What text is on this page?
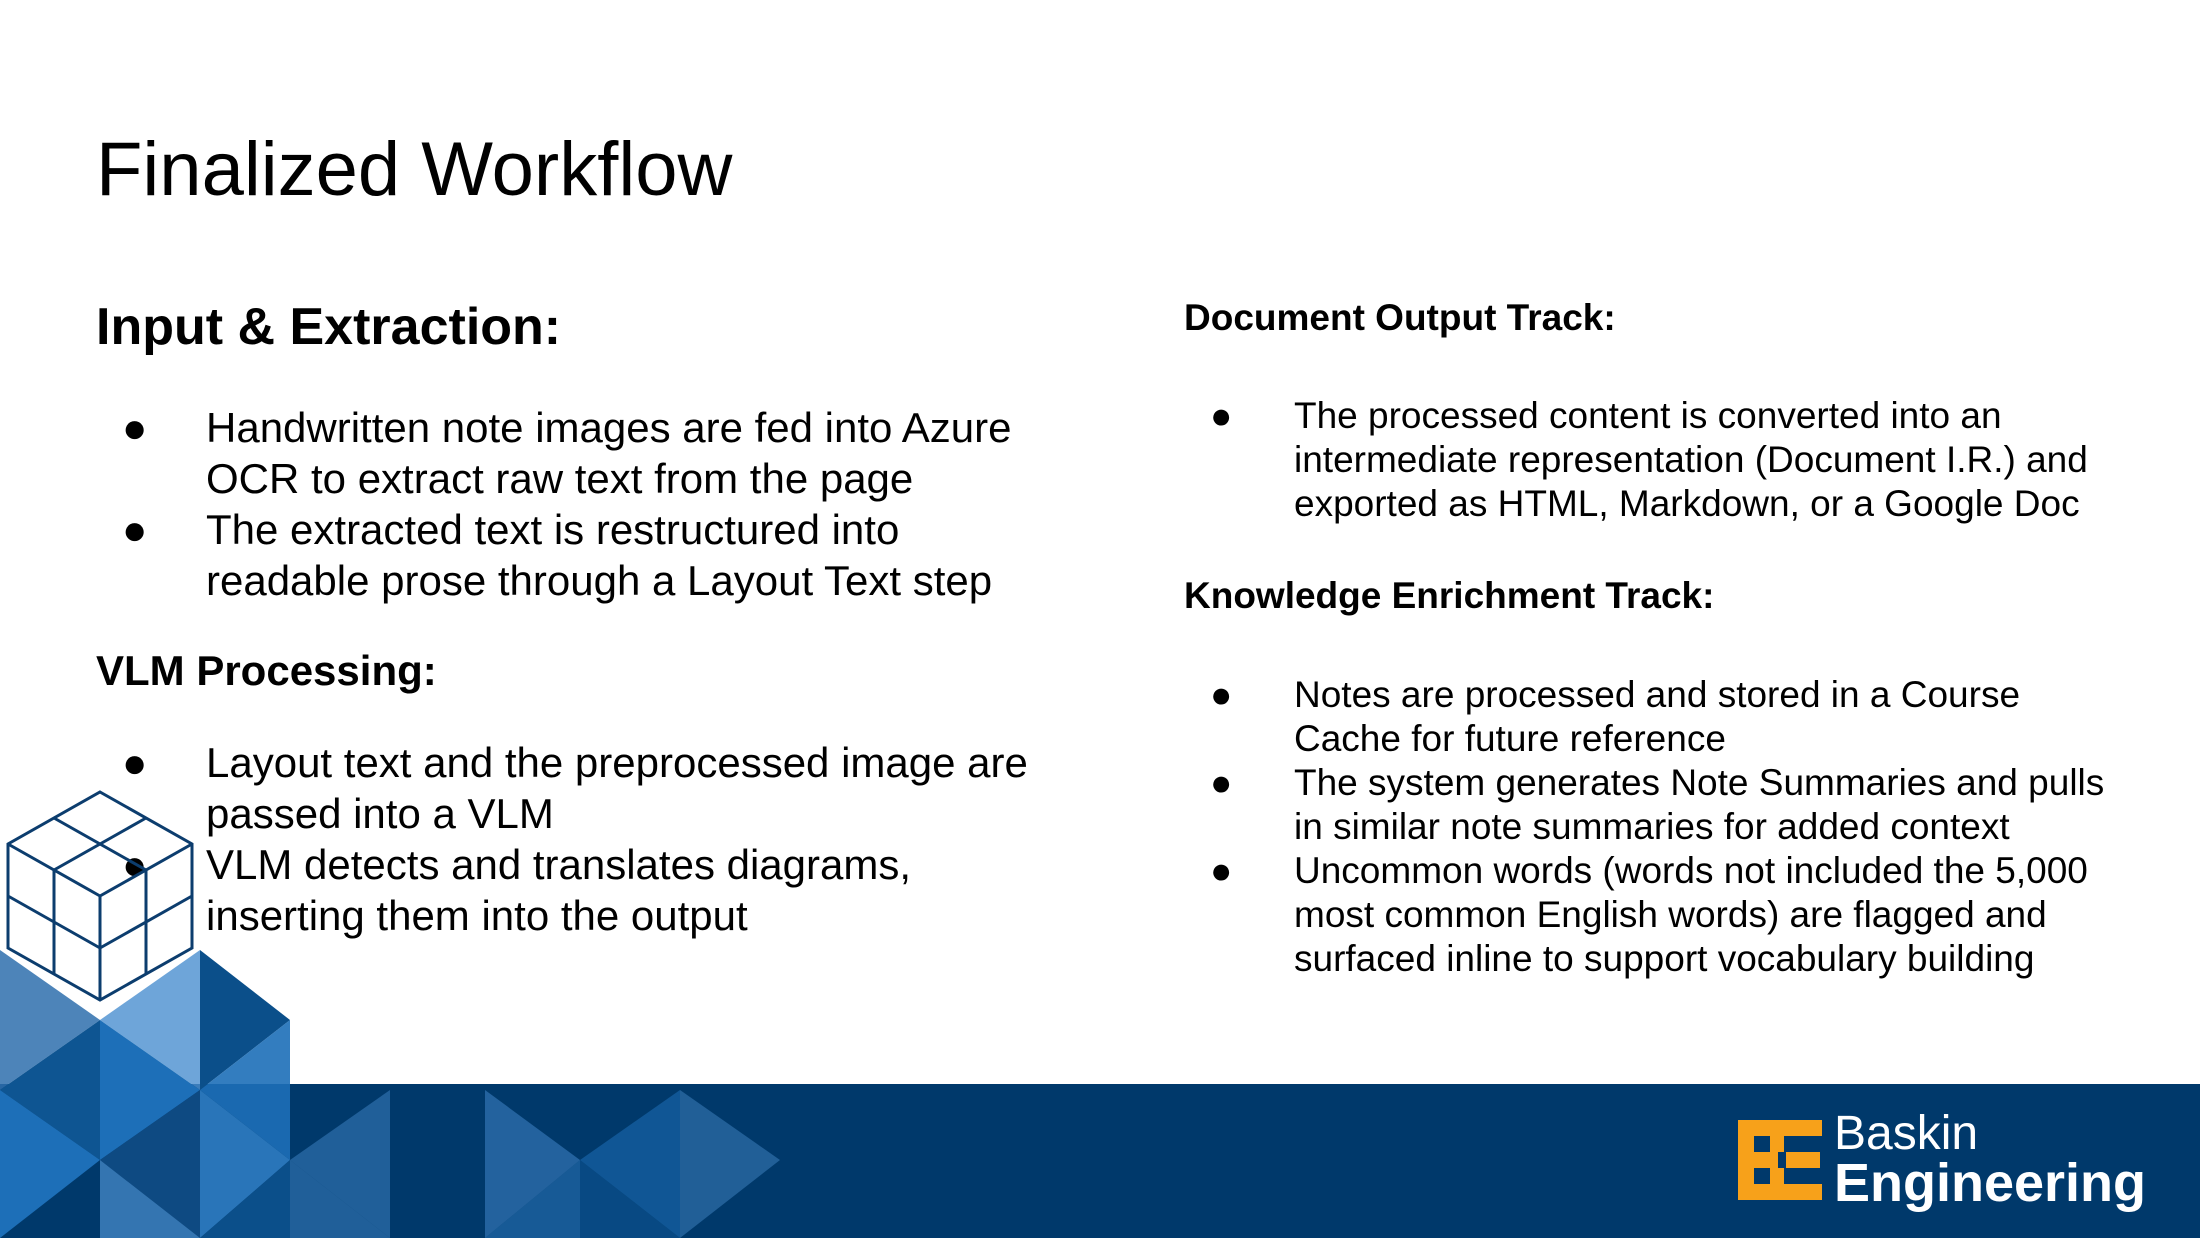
Finalized Workflow
Input & Extraction:
● Handwritten note images are fed into Azure OCR to extract raw text from the page
● The extracted text is restructured into readable prose through a Layout Text step
VLM Processing:
● Layout text and the preprocessed image are passed into a VLM
● VLM detects and translates diagrams, inserting them into the output
Document Output Track:
● The processed content is converted into an intermediate representation (Document I.R.) and exported as HTML, Markdown, or a Google Doc
Knowledge Enrichment Track:
● Notes are processed and stored in a Course Cache for future reference
● The system generates Note Summaries and pulls in similar note summaries for added context
● Uncommon words (words not included the 5,000 most common English words) are flagged and surfaced inline to support vocabulary building
Baskin
Engineering
